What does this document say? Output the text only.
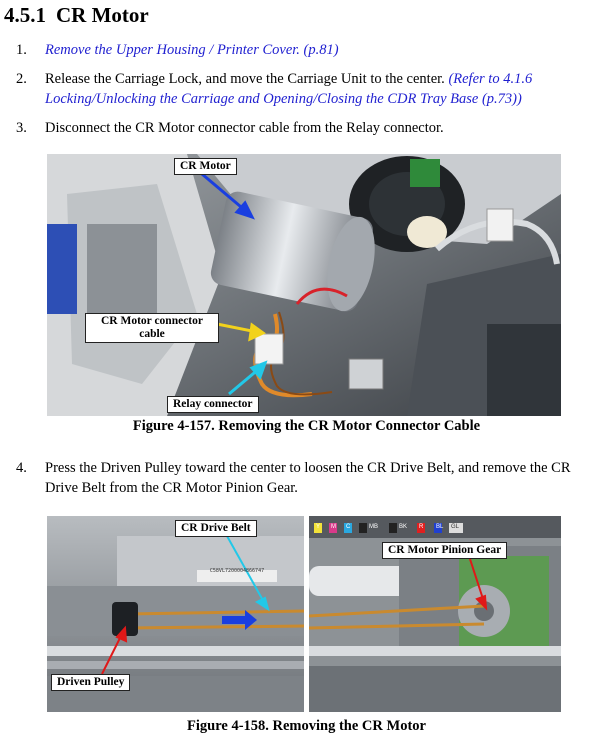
4.5.1 CR Motor
1. Remove the Upper Housing / Printer Cover. (p.81)
2. Release the Carriage Lock, and move the Carriage Unit to the center. (Refer to 4.1.6 Locking/Unlocking the Carriage and Opening/Closing the CDR Tray Base (p.73))
3. Disconnect the CR Motor connector cable from the Relay connector.
CR Motor
CR Motor connector cable
Relay connector
Figure 4-157. Removing the CR Motor Connector Cable
4. Press the Driven Pulley toward the center to loosen the CR Drive Belt, and remove the CR Drive Belt from the CR Motor Pinion Gear.
C58VL7200004866747
CR Drive Belt
Driven Pulley
Y M C	MB	BK R BL GL
CR Motor Pinion Gear
Figure 4-158. Removing the CR Motor
